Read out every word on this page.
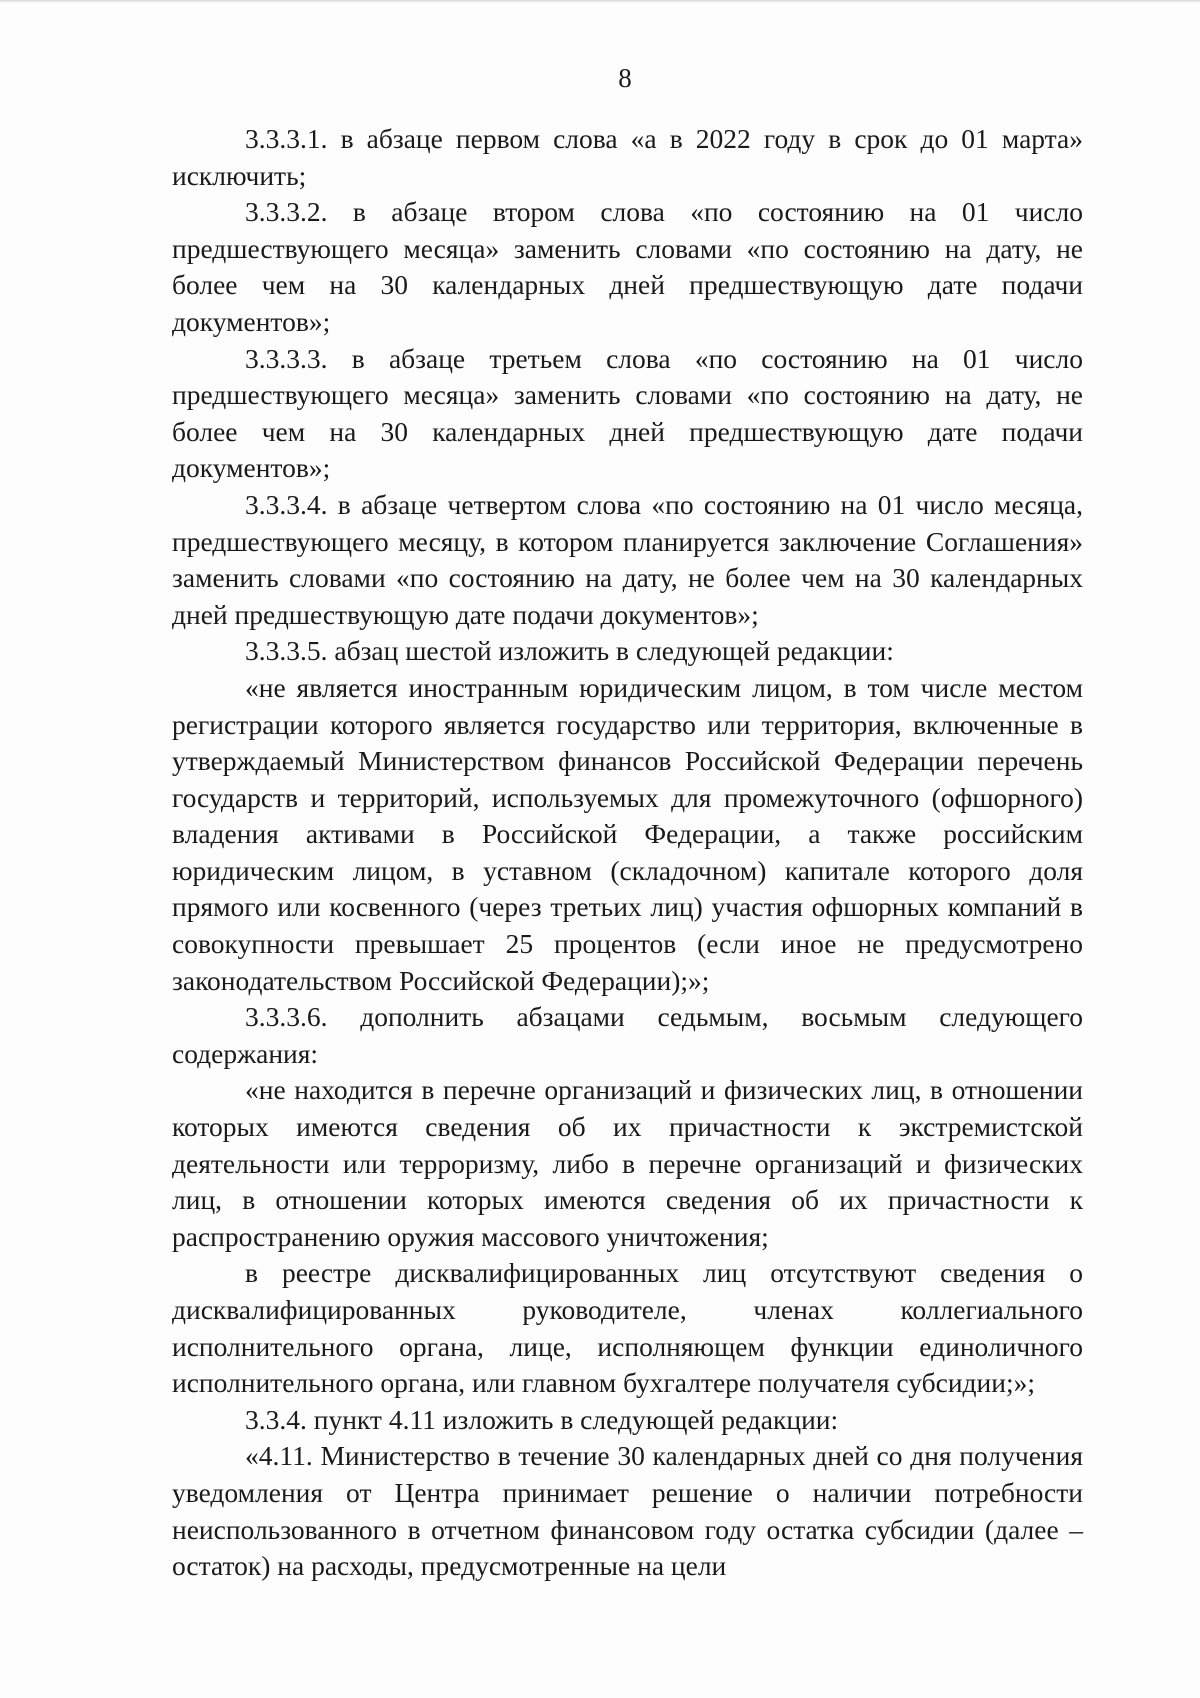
8

3.3.3.1. в абзаце первом слова «а в 2022 году в срок до 01 марта» исключить;

3.3.3.2. в абзаце втором слова «по состоянию на 01 число предшествующего месяца» заменить словами «по состоянию на дату, не более чем на 30 календарных дней предшествующую дате подачи документов»;

3.3.3.3. в абзаце третьем слова «по состоянию на 01 число предшествующего месяца» заменить словами «по состоянию на дату, не более чем на 30 календарных дней предшествующую дате подачи документов»;

3.3.3.4. в абзаце четвертом слова «по состоянию на 01 число месяца, предшествующего месяцу, в котором планируется заключение Соглашения» заменить словами «по состоянию на дату, не более чем на 30 календарных дней предшествующую дате подачи документов»;

3.3.3.5. абзац шестой изложить в следующей редакции:

«не является иностранным юридическим лицом, в том числе местом регистрации которого является государство или территория, включенные в утверждаемый Министерством финансов Российской Федерации перечень государств и территорий, используемых для промежуточного (офшорного) владения активами в Российской Федерации, а также российским юридическим лицом, в уставном (складочном) капитале которого доля прямого или косвенного (через третьих лиц) участия офшорных компаний в совокупности превышает 25 процентов (если иное не предусмотрено законодательством Российской Федерации);»;

3.3.3.6. дополнить абзацами седьмым, восьмым следующего содержания:

«не находится в перечне организаций и физических лиц, в отношении которых имеются сведения об их причастности к экстремистской деятельности или терроризму, либо в перечне организаций и физических лиц, в отношении которых имеются сведения об их причастности к распространению оружия массового уничтожения;

в реестре дисквалифицированных лиц отсутствуют сведения о дисквалифицированных руководителе, членах коллегиального исполнительного органа, лице, исполняющем функции единоличного исполнительного органа, или главном бухгалтере получателя субсидии;»;

3.3.4. пункт 4.11 изложить в следующей редакции:

«4.11. Министерство в течение 30 календарных дней со дня получения уведомления от Центра принимает решение о наличии потребности неиспользованного в отчетном финансовом году остатка субсидии (далее – остаток) на расходы, предусмотренные на цели
